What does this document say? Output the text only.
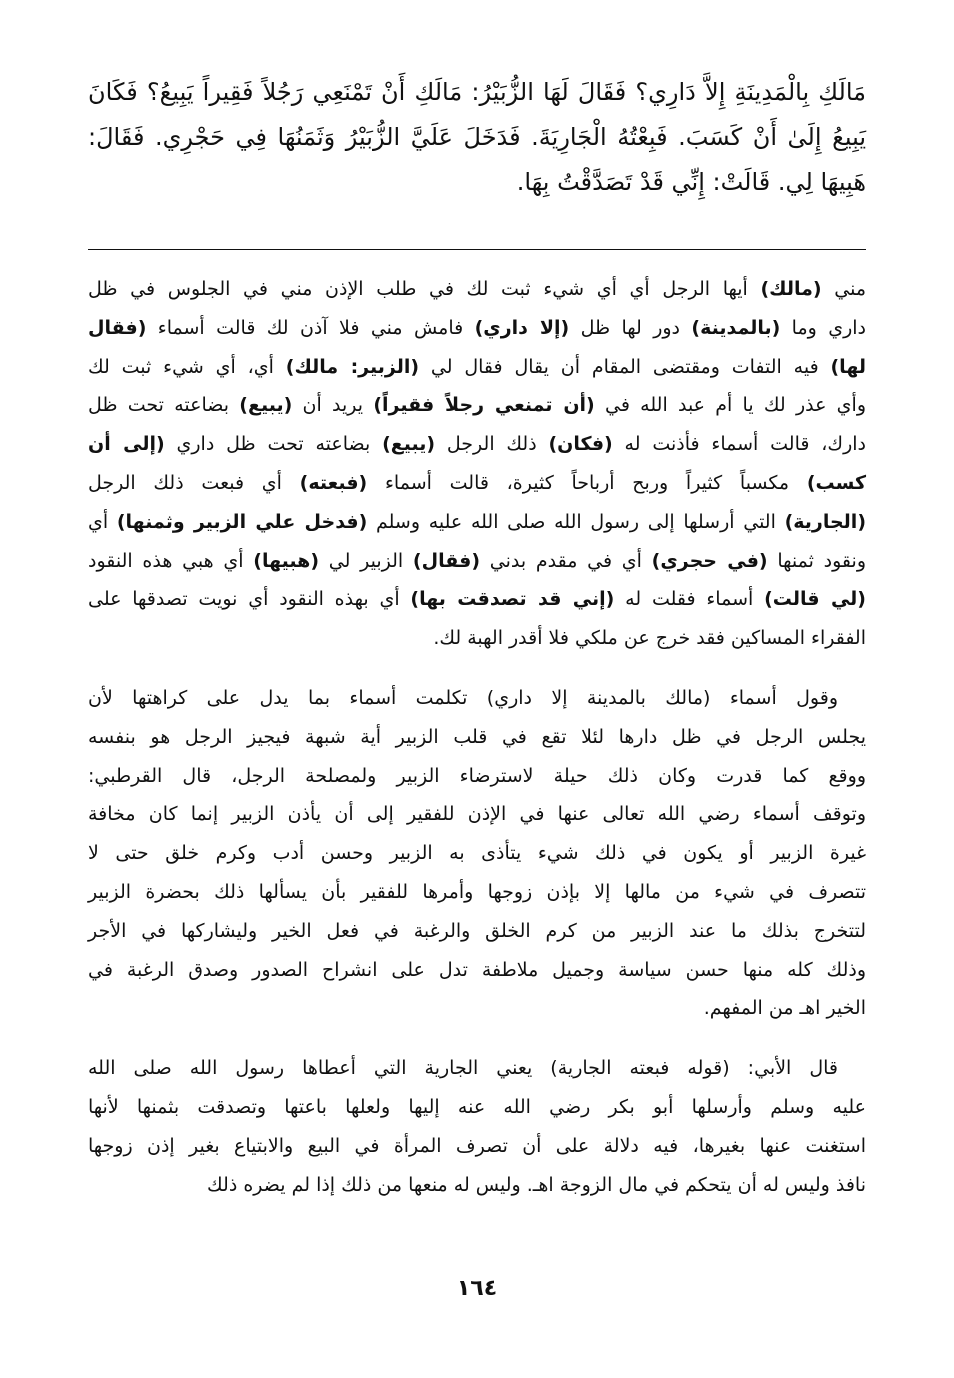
مَالَكِ بِالْمَدِينَةِ إِلاَّ دَارِي؟ فَقَالَ لَهَا الزُّبَيْرُ: مَالَكِ أَنْ تَمْنَعِي رَجُلاً فَقِيراً يَبِيعُ؟ فَكَانَ
يَبِيعُ إِلَىٰ أَنْ كَسَبَ. فَبِعْتُهُ الْجَارِيَةَ. فَدَخَلَ عَلَيَّ الزُّبَيْرُ وَثَمَنُهَا فِي حَجْرِي. فَقَالَ:
هَبِيهَا لِي. قَالَتْ: إِنِّي قَدْ تَصَدَّقْتُ بِهَا.
مني (مالك) أيها الرجل أي أي شيء ثبت لك في طلب الإذن مني في الجلوس في ظل
داري وما (بالمدينة) دور لها ظل (إلا داري) فامش مني فلا آذن لك قالت أسماء (فقال
لها) فيه التفات ومقتضى المقام أن يقال فقال لي (الزبير: مالك) أي، أي شيء ثبت لك
وأي عذر لك يا أم عبد الله في (أن تمنعي رجلاً فقيراً) يريد أن (يبيع) بضاعته تحت ظل
دارك، قالت أسماء فأذنت له (فكان) ذلك الرجل (يبيع) بضاعته تحت ظل داري (إلى أن
كسب) مكسباً كثيراً وربح أرباحاً كثيرة، قالت أسماء (فبعته) أي فبعت ذلك الرجل
(الجارية) التي أرسلها إلى رسول الله صلى الله عليه وسلم (فدخل علي الزبير وثمنها) أي
ونقود ثمنها (في حجري) أي في مقدم بدني (فقال) الزبير لي (هبيها) أي هبي هذه النقود
(لي قالت) أسماء فقلت له (إني قد تصدقت بها) أي بهذه النقود أي نويت تصدقها على
الفقراء المساكين فقد خرج عن ملكي فلا أقدر الهبة لك.
وقول أسماء (مالك بالمدينة إلا داري) تكلمت أسماء بما يدل على كراهتها لأن
يجلس الرجل في ظل دارها لئلا تقع في قلب الزبير أية شبهة فيجيز الرجل هو بنفسه
ووقع كما قدرت وكان ذلك حيلة لاسترضاء الزبير ولمصلحة الرجل، قال القرطبي:
وتوقف أسماء رضي الله تعالى عنها في الإذن للفقير إلى أن يأذن الزبير إنما كان مخافة
غيرة الزبير أو يكون في ذلك شيء يتأذى به الزبير وحسن أدب وكرم خلق حتى لا
تتصرف في شيء من مالها إلا بإذن زوجها وأمرها للفقير بأن يسألها ذلك بحضرة الزبير
لتتخرج بذلك ما عند الزبير من كرم الخلق والرغبة في فعل الخير وليشاركها في الأجر
وذلك كله منها حسن سياسة وجميل ملاطفة تدل على انشراح الصدور وصدق الرغبة في
الخير اهـ من المفهم.
قال الأبي: (قوله فبعته الجارية) يعني الجارية التي أعطاها رسول الله صلى الله
عليه وسلم وأرسلها أبو بكر رضي الله عنه إليها ولعلها باعتها وتصدقت بثمنها لأنها
استغنت عنها بغيرها، فيه دلالة على أن تصرف المرأة في البيع والابتياع بغير إذن زوجها
نافذ وليس له أن يتحكم في مال الزوجة اهـ. وليس له منعها من ذلك إذا لم يضره ذلك
١٦٤
